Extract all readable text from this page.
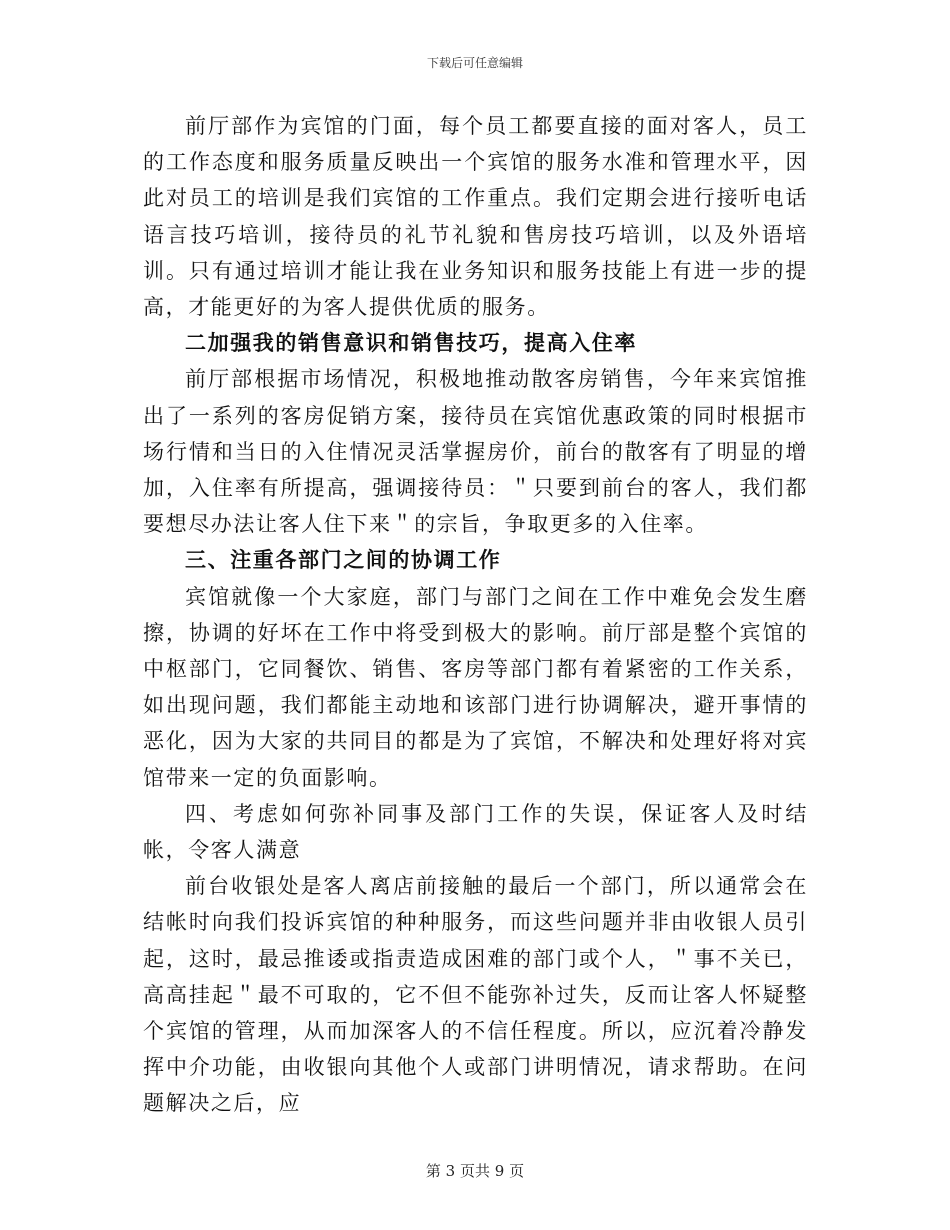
下载后可任意编辑

前厅部作为宾馆的门面，每个员工都要直接的面对客人，员工的工作态度和服务质量反映出一个宾馆的服务水准和管理水平，因此对员工的培训是我们宾馆的工作重点。我们定期会进行接听电话语言技巧培训，接待员的礼节礼貌和售房技巧培训，以及外语培训。只有通过培训才能让我在业务知识和服务技能上有进一步的提高，才能更好的为客人提供优质的服务。

二加强我的销售意识和销售技巧，提高入住率

前厅部根据市场情况，积极地推动散客房销售，今年来宾馆推出了一系列的客房促销方案，接待员在宾馆优惠政策的同时根据市场行情和当日的入住情况灵活掌握房价，前台的散客有了明显的增加，入住率有所提高，强调接待员：＂只要到前台的客人，我们都要想尽办法让客人住下来＂的宗旨，争取更多的入住率。

三、注重各部门之间的协调工作

宾馆就像一个大家庭，部门与部门之间在工作中难免会发生磨擦，协调的好坏在工作中将受到极大的影响。前厅部是整个宾馆的中枢部门，它同餐饮、销售、客房等部门都有着紧密的工作关系，如出现问题，我们都能主动地和该部门进行协调解决，避开事情的恶化，因为大家的共同目的都是为了宾馆，不解决和处理好将对宾馆带来一定的负面影响。

四、考虑如何弥补同事及部门工作的失误，保证客人及时结帐，令客人满意

前台收银处是客人离店前接触的最后一个部门，所以通常会在结帐时向我们投诉宾馆的种种服务，而这些问题并非由收银人员引起，这时，最忌推诿或指责造成困难的部门或个人，＂事不关已，高高挂起＂最不可取的，它不但不能弥补过失，反而让客人怀疑整个宾馆的管理，从而加深客人的不信任程度。所以，应沉着冷静发挥中介功能，由收银向其他个人或部门讲明情况，请求帮助。在问题解决之后，应

第 3 页共 9 页
